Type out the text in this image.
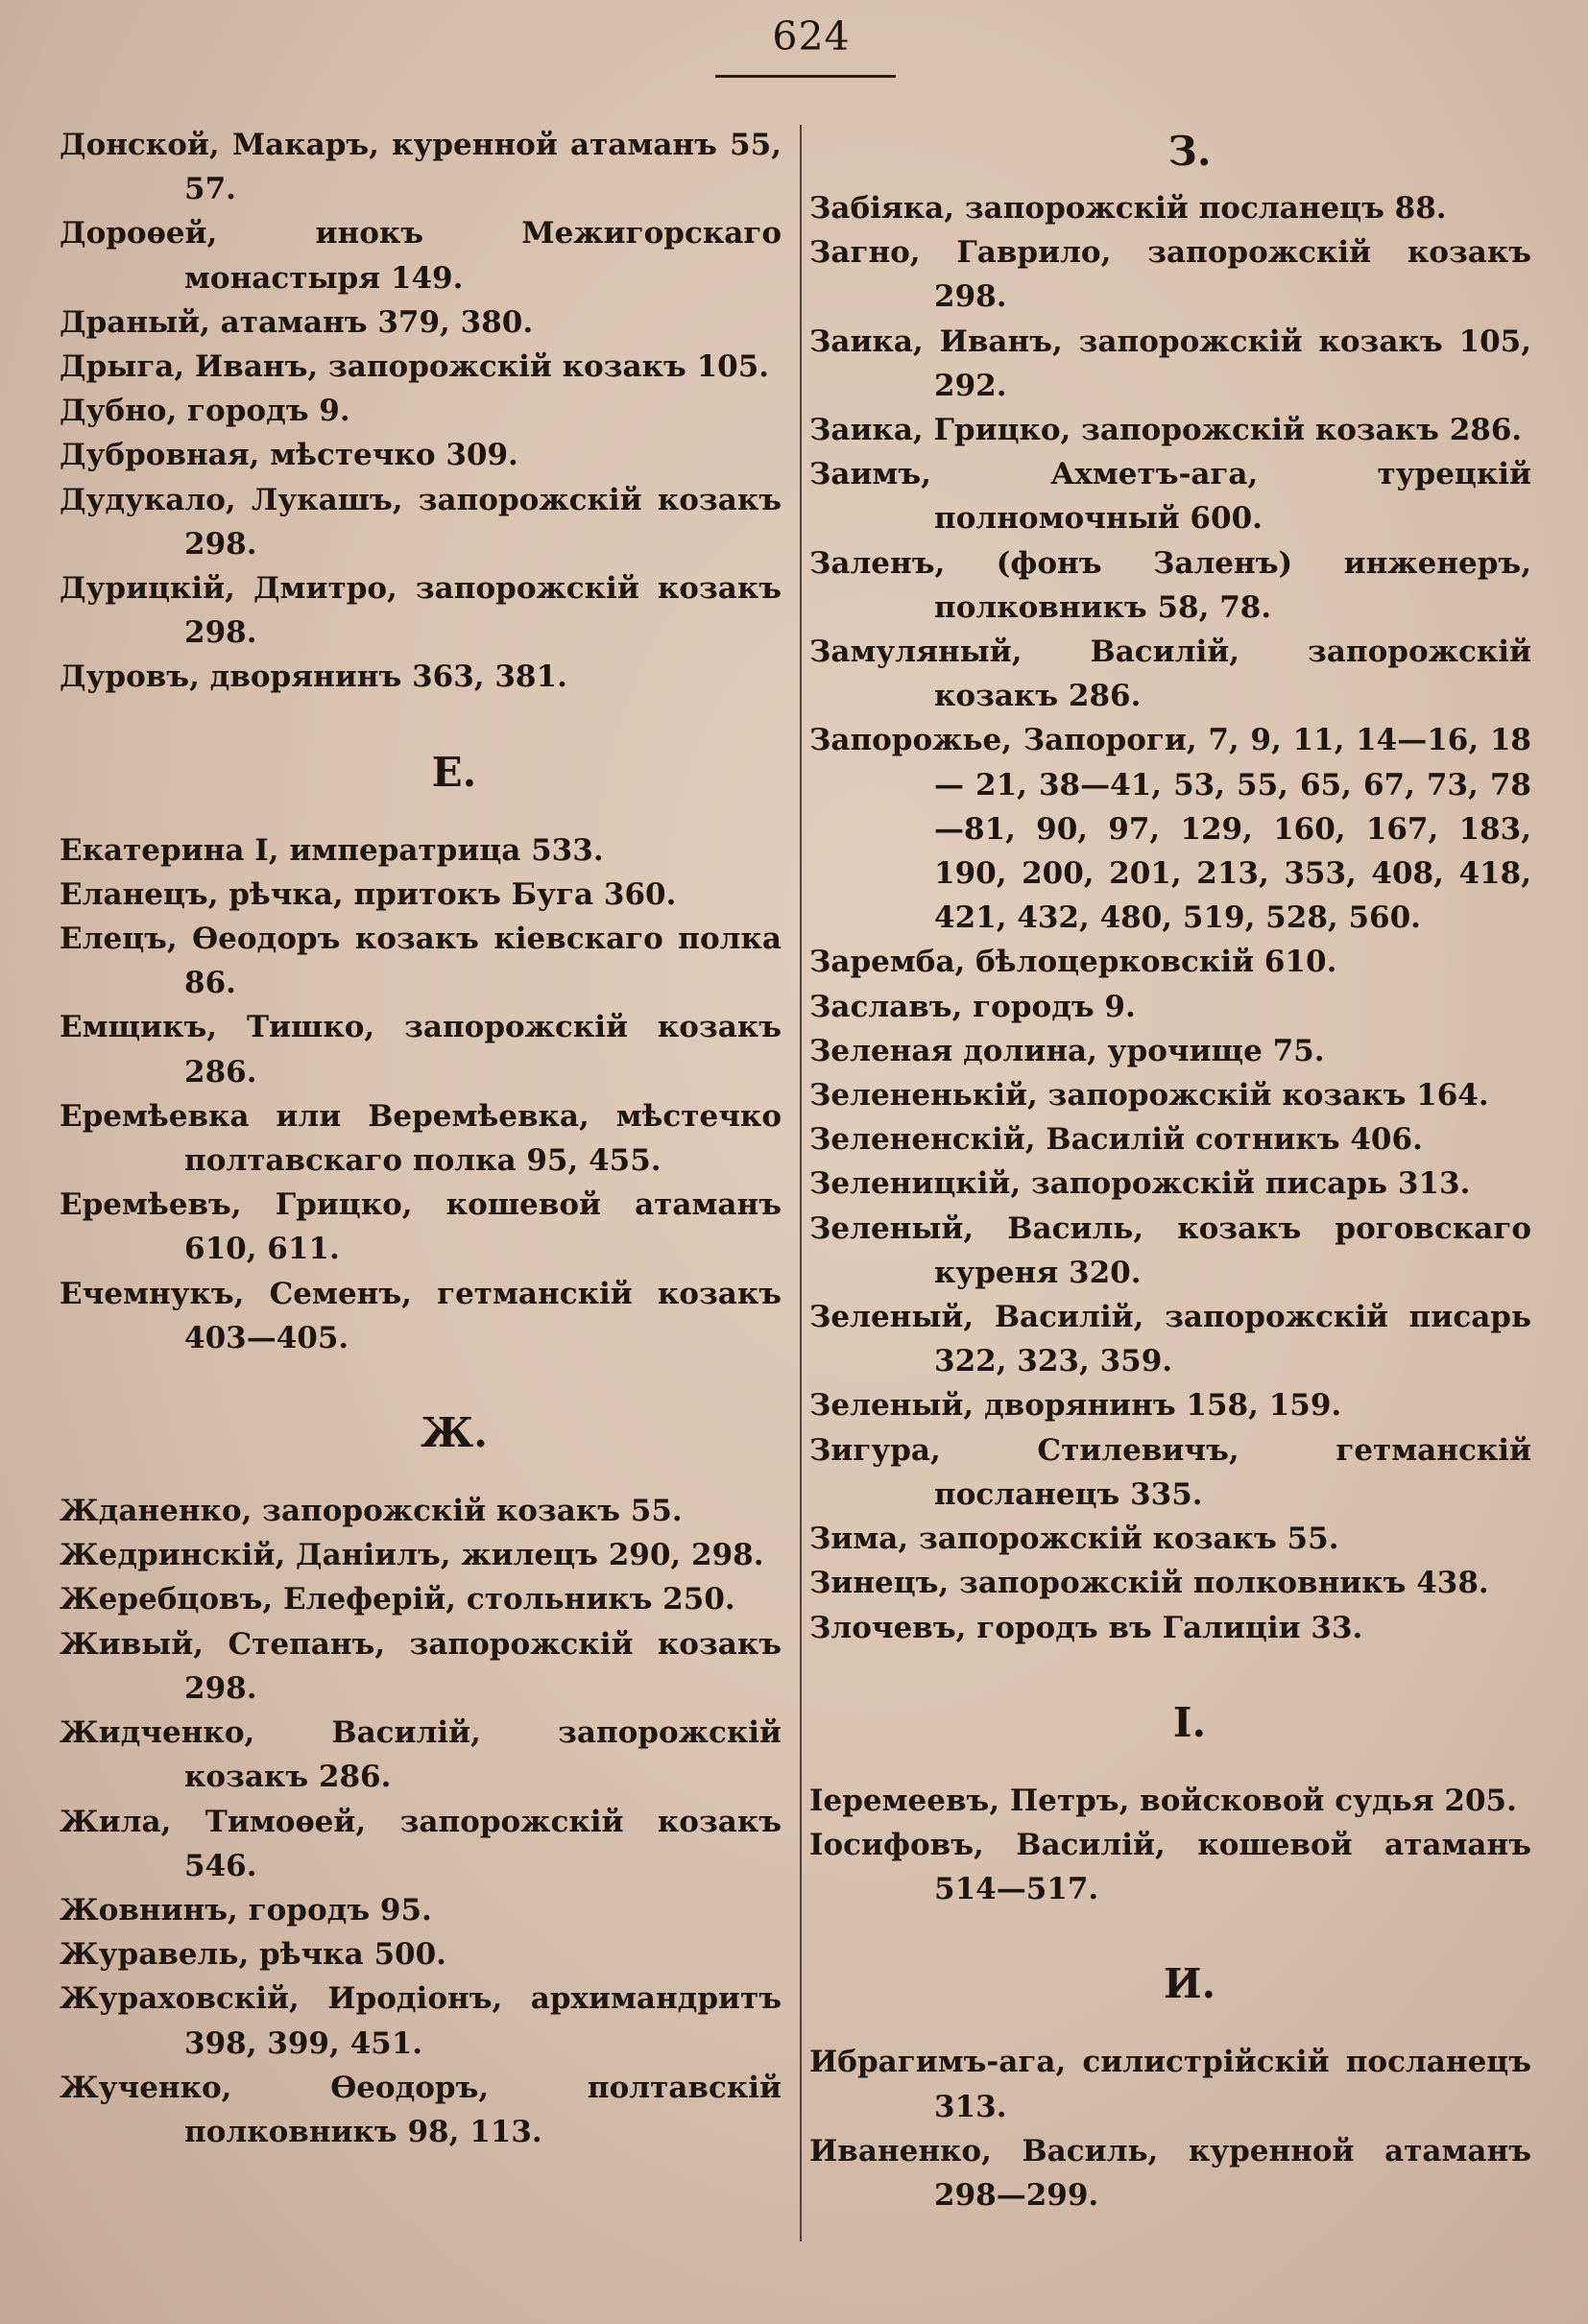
624

Донской, Макаръ, куренной атаманъ 55, 57.

Дороѳей, инокъ Межигорскаго монастыря 149.

Драный, атаманъ 379, 380.

Дрыга, Иванъ, запорожскій козакъ 105.

Дубно, городъ 9.

Дубровная, мѣстечко 309.

Дудукало, Лукашъ, запорожскій козакъ 298.

Дурицкій, Дмитро, запорожскій козакъ 298.

Дуровъ, дворянинъ 363, 381.

Е.

Екатерина I, императрица 533.

Еланецъ, рѣчка, притокъ Буга 360.

Елецъ, Ѳеодоръ козакъ кіевскаго полка 86.

Емщикъ, Тишко, запорожскій козакъ 286.

Еремѣевка или Веремѣевка, мѣстечко полтавскаго полка 95, 455.

Еремѣевъ, Грицко, кошевой атаманъ 610, 611.

Ечемнукъ, Семенъ, гетманскій козакъ 403—405.

Ж.

Жданенко, запорожскій козакъ 55.

Жедринскій, Даніилъ, жилецъ 290, 298.

Жеребцовъ, Елеферій, стольникъ 250.

Живый, Степанъ, запорожскій козакъ 298.

Жидченко, Василій, запорожскій козакъ 286.

Жила, Тимоѳей, запорожскій козакъ 546.

Жовнинъ, городъ 95.

Журавель, рѣчка 500.

Жураховскій, Иродіонъ, архимандритъ 398, 399, 451.

Жученко, Ѳеодоръ, полтавскій полковникъ 98, 113.

З.

Забіяка, запорожскій посланецъ 88.

Загно, Гаврило, запорожскій козакъ 298.

Заика, Иванъ, запорожскій козакъ 105, 292.

Заика, Грицко, запорожскій козакъ 286.

Заимъ, Ахметъ-ага, турецкій полномочный 600.

Заленъ, (фонъ Заленъ) инженеръ, полковникъ 58, 78.

Замуляный, Василій, запорожскій козакъ 286.

Запорожье, Запороги, 7, 9, 11, 14—16, 18 — 21, 38—41, 53, 55, 65, 67, 73, 78—81, 90, 97, 129, 160, 167, 183, 190, 200, 201, 213, 353, 408, 418, 421, 432, 480, 519, 528, 560.

Заремба, бѣлоцерковскій 610.

Заславъ, городъ 9.

Зеленая долина, урочище 75.

Зелененькій, запорожскій козакъ 164.

Зелененскій, Василій сотникъ 406.

Зеленицкій, запорожскій писарь 313.

Зеленый, Василь, козакъ роговскаго куреня 320.

Зеленый, Василій, запорожскій писарь 322, 323, 359.

Зеленый, дворянинъ 158, 159.

Зигура, Стилевичъ, гетманскій посланецъ 335.

Зима, запорожскій козакъ 55.

Зинецъ, запорожскій полковникъ 438.

Злочевъ, городъ въ Галиціи 33.

І.

Іеремеевъ, Петръ, войсковой судья 205.

Іосифовъ, Василій, кошевой атаманъ 514—517.

И.

Ибрагимъ-ага, силистрійскій посланецъ 313.

Иваненко, Василь, куренной атаманъ 298—299.
